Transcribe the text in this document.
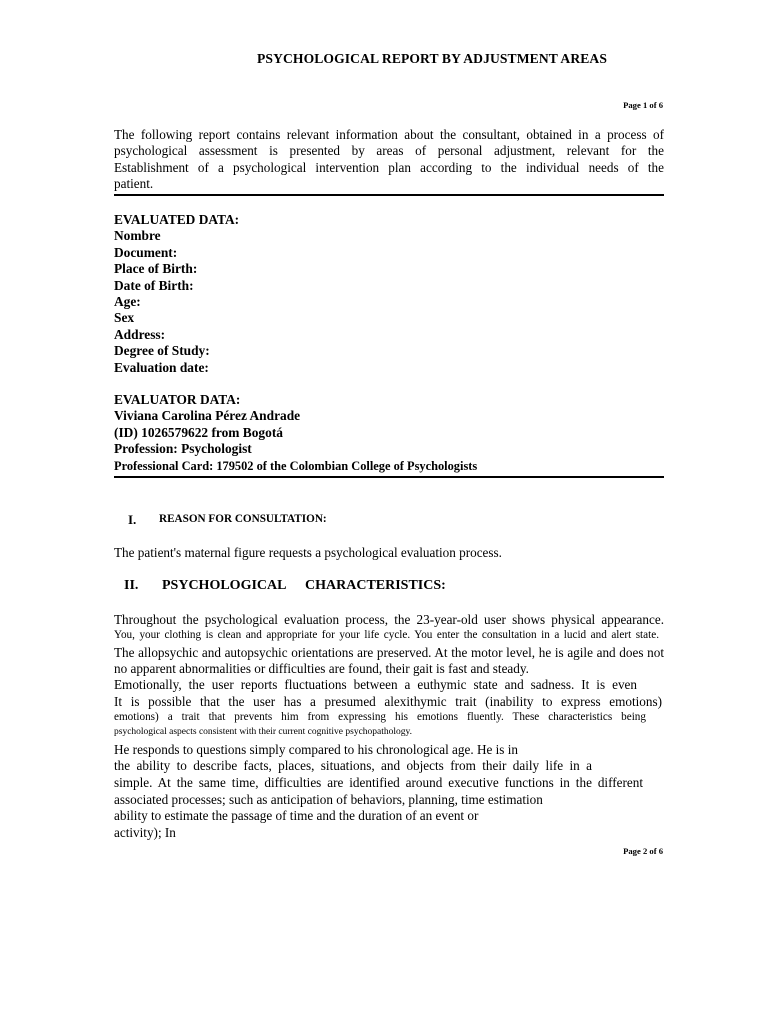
PSYCHOLOGICAL REPORT BY ADJUSTMENT AREAS
Page 1 of 6
The following report contains relevant information about the consultant, obtained in a process of
psychological assessment is presented by areas of personal adjustment, relevant for the
Establishment of a psychological intervention plan according to the individual needs of the
patient.
EVALUATED DATA:
Nombre
Document:
Place of Birth:
Date of Birth:
Age:
Sex
Address:
Degree of Study:
Evaluation date:
EVALUATOR DATA:
Viviana Carolina Pérez Andrade
(ID) 1026579622 from Bogotá
Profession: Psychologist
Professional Card: 179502 of the Colombian College of Psychologists
I. REASON FOR CONSULTATION:
The patient's maternal figure requests a psychological evaluation process.
II. PSYCHOLOGICAL CHARACTERISTICS:
Throughout the psychological evaluation process, the 23-year-old user shows physical appearance.
You, your clothing is clean and appropriate for your life cycle. You enter the consultation in a lucid and alert state.
The allopsychic and autopsychic orientations are preserved. At the motor level, he is agile and does not
no apparent abnormalities or difficulties are found, their gait is fast and steady.
Emotionally, the user reports fluctuations between a euthymic state and sadness. It is even
It is possible that the user has a presumed alexithymic trait (inability to express emotions)
emotions) a trait that prevents him from expressing his emotions fluently. These characteristics being
psychological aspects consistent with their current cognitive psychopathology.
He responds to questions simply compared to his chronological age. He is in
the ability to describe facts, places, situations, and objects from their daily life in a
simple. At the same time, difficulties are identified around executive functions in the different
associated processes; such as anticipation of behaviors, planning, time estimation
ability to estimate the passage of time and the duration of an event or
activity); In
Page 2 of 6
